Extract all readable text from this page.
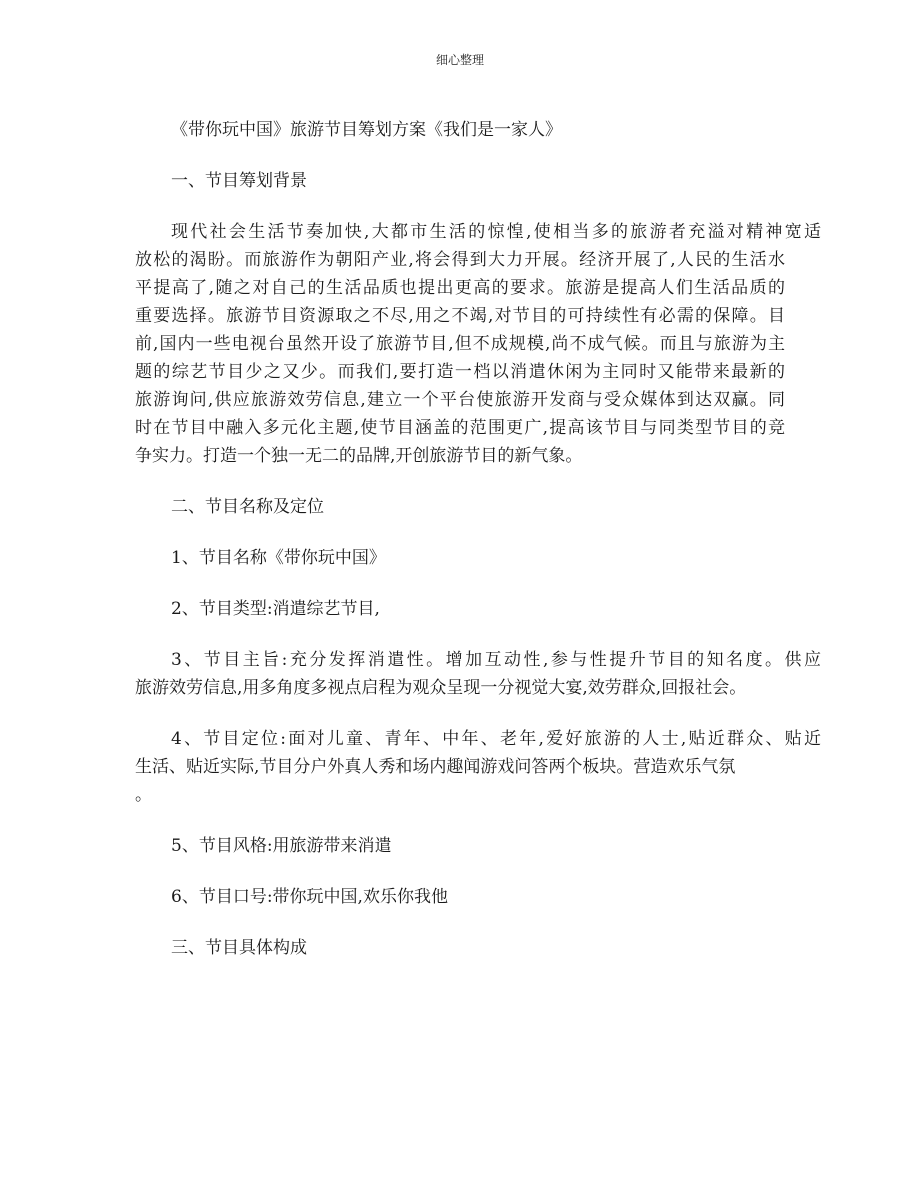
细心整理

《带你玩中国》旅游节目筹划方案《我们是一家人》

一、节目筹划背景

现代社会生活节奏加快,大都市生活的惊惶,使相当多的旅游者充溢对精神宽适

放松的渴盼。而旅游作为朝阳产业,将会得到大力开展。经济开展了,人民的生活水

平提高了,随之对自己的生活品质也提出更高的要求。旅游是提高人们生活品质的

重要选择。旅游节目资源取之不尽,用之不竭,对节目的可持续性有必需的保障。目

前,国内一些电视台虽然开设了旅游节目,但不成规模,尚不成气候。而且与旅游为主

题的综艺节目少之又少。而我们,要打造一档以消遣休闲为主同时又能带来最新的

旅游询问,供应旅游效劳信息,建立一个平台使旅游开发商与受众媒体到达双赢。同

时在节目中融入多元化主题,使节目涵盖的范围更广,提高该节目与同类型节目的竞

争实力。打造一个独一无二的品牌,开创旅游节目的新气象。

二、节目名称及定位

1、节目名称《带你玩中国》

2、节目类型:消遣综艺节目,

3、节目主旨:充分发挥消遣性。增加互动性,参与性提升节目的知名度。供应

旅游效劳信息,用多角度多视点启程为观众呈现一分视觉大宴,效劳群众,回报社会。

4、节目定位:面对儿童、青年、中年、老年,爱好旅游的人士,贴近群众、贴近

生活、贴近实际,节目分户外真人秀和场内趣闻游戏问答两个板块。营造欢乐气氛

。

5、节目风格:用旅游带来消遣

6、节目口号:带你玩中国,欢乐你我他

三、节目具体构成
